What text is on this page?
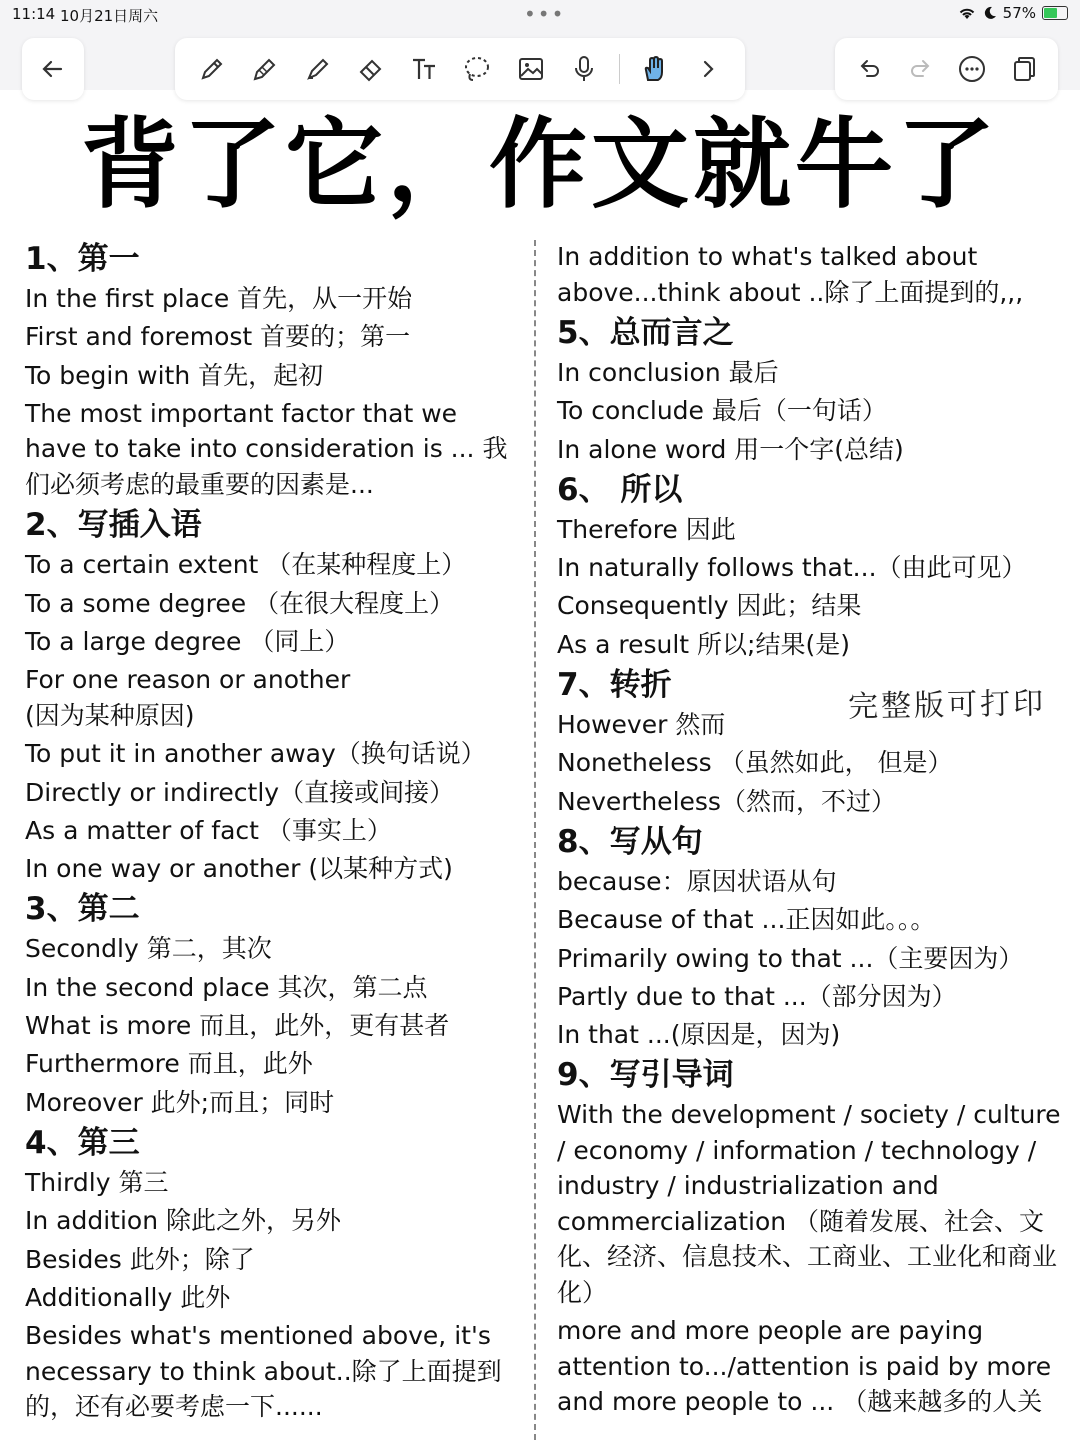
11:14 10月21日周六	•••	57%
背了它，作文就牛了
1、第一
In the first place 首先，从一开始
First and foremost 首要的；第一
To begin with 首先，起初
The most important factor that we have to take into consideration is ... 我们必须考虑的最重要的因素是...
2、写插入语
To a certain extent （在某种程度上）
To a some degree （在很大程度上）
To a large degree （同上）
For one reason or another (因为某种原因)
To put it in another away（换句话说）
Directly or indirectly（直接或间接）
As a matter of fact （事实上）
In one way or another (以某种方式)
3、第二
Secondly 第二，其次
In the second place 其次，第二点
What is more 而且，此外，更有甚者
Furthermore 而且，此外
Moreover 此外;而且；同时
4、第三
Thirdly 第三
In addition 除此之外，另外
Besides 此外；除了
Additionally 此外
Besides what's mentioned above, it's necessary to think about..除了上面提到的，还有必要考虑一下......
In addition to what's talked about above...think about ..除了上面提到的,,,
5、总而言之
In conclusion 最后
To conclude 最后（一句话）
In alone word 用一个字(总结)
6、 所以
Therefore 因此
In naturally follows that...（由此可见）
Consequently 因此；结果
As a result 所以;结果(是)
7、转折
However 然而
Nonetheless （虽然如此， 但是）
Nevertheless（然而，不过）
8、写从句
because：原因状语从句
Because of that ...正因如此。。。
Primarily owing to that ...（主要因为）
Partly due to that ...（部分因为）
In that ...(原因是，因为)
9、写引导词
With the development / society / culture / economy / information / technology / industry / industrialization and commercialization （随着发展、社会、文化、经济、信息技术、工商业、工业化和商业化）
more and more people are paying attention to.../attention is paid by more and more people to ... （越来越多的人关
完整版可打印
